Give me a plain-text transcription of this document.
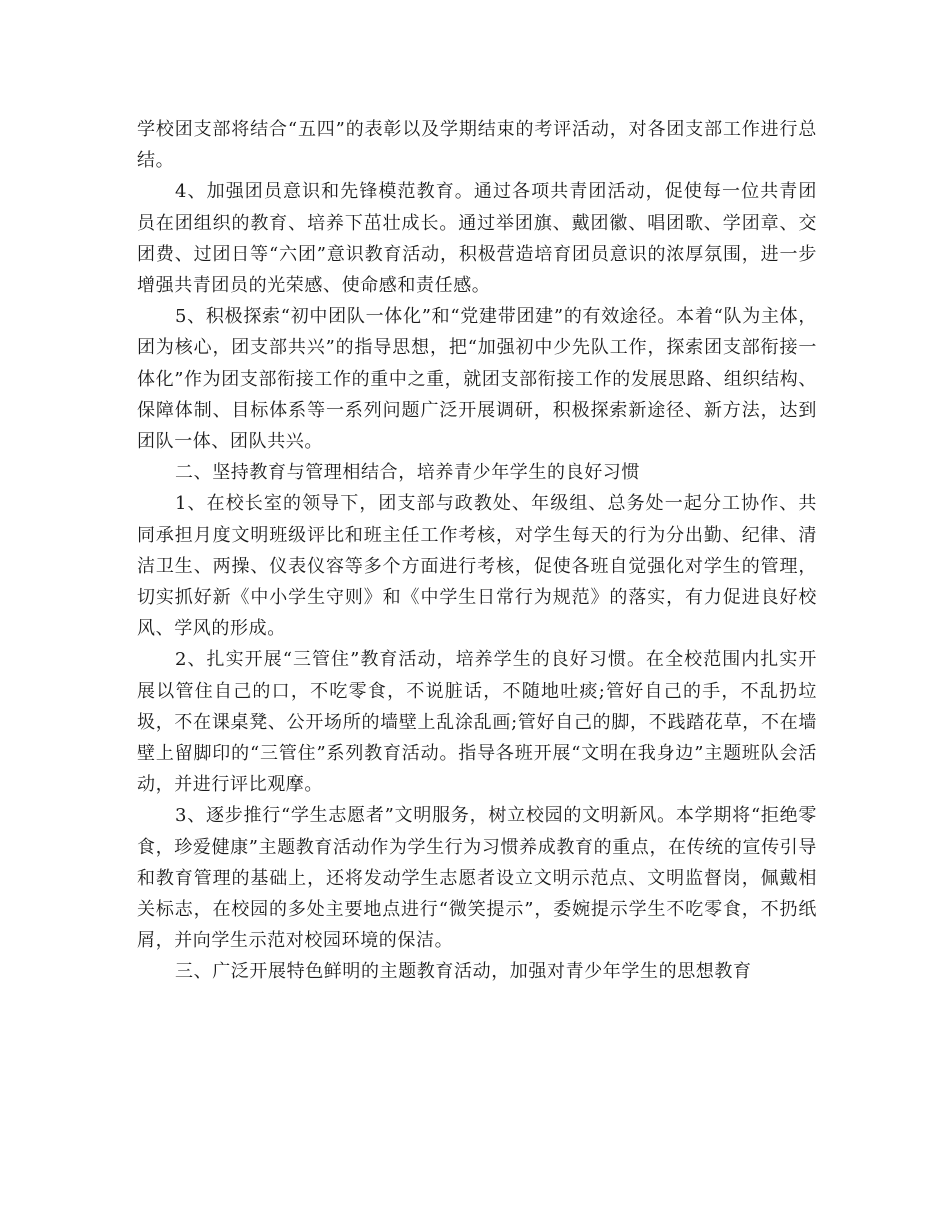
学校团支部将结合“五四”的表彰以及学期结束的考评活动，对各团支部工作进行总结。

4、加强团员意识和先锋模范教育。通过各项共青团活动，促使每一位共青团员在团组织的教育、培养下茁壮成长。通过举团旗、戴团徽、唱团歌、学团章、交团费、过团日等“六团”意识教育活动，积极营造培育团员意识的浓厚氛围，进一步增强共青团员的光荣感、使命感和责任感。

5、积极探索“初中团队一体化”和“党建带团建”的有效途径。本着“队为主体，团为核心，团支部共兴”的指导思想，把“加强初中少先队工作，探索团支部衔接一体化”作为团支部衔接工作的重中之重，就团支部衔接工作的发展思路、组织结构、保障体制、目标体系等一系列问题广泛开展调研，积极探索新途径、新方法，达到团队一体、团队共兴。

二、坚持教育与管理相结合，培养青少年学生的良好习惯

1、在校长室的领导下，团支部与政教处、年级组、总务处一起分工协作、共同承担月度文明班级评比和班主任工作考核，对学生每天的行为分出勤、纪律、清洁卫生、两操、仪表仪容等多个方面进行考核，促使各班自觉强化对学生的管理，切实抓好新《中小学生守则》和《中学生日常行为规范》的落实，有力促进良好校风、学风的形成。

2、扎实开展“三管住”教育活动，培养学生的良好习惯。在全校范围内扎实开展以管住自己的口，不吃零食，不说脏话，不随地吐痰;管好自己的手，不乱扔垃圾，不在课桌凳、公开场所的墙壁上乱涂乱画;管好自己的脚，不践踏花草，不在墙壁上留脚印的“三管住”系列教育活动。指导各班开展“文明在我身边”主题班队会活动，并进行评比观摩。

3、逐步推行“学生志愿者”文明服务，树立校园的文明新风。本学期将“拒绝零食，珍爱健康”主题教育活动作为学生行为习惯养成教育的重点，在传统的宣传引导和教育管理的基础上，还将发动学生志愿者设立文明示范点、文明监督岗，佩戴相关标志，在校园的多处主要地点进行“微笑提示”，委婉提示学生不吃零食，不扔纸屑，并向学生示范对校园环境的保洁。

三、广泛开展特色鲜明的主题教育活动，加强对青少年学生的思想教育
